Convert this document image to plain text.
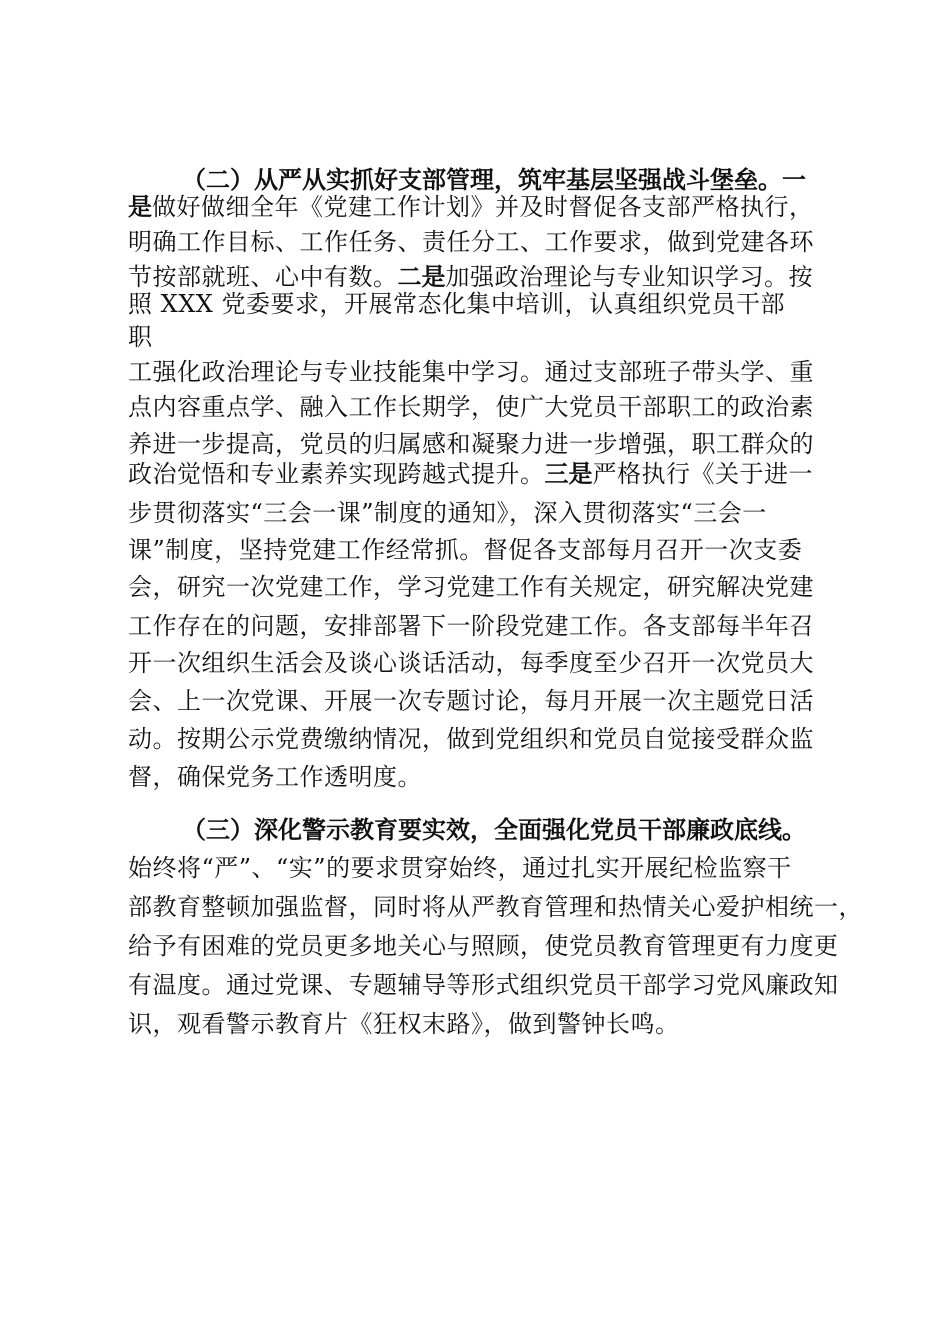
（二）从严从实抓好支部管理，筑牢基层坚强战斗堡垒。一
是做好做细全年《党建工作计划》并及时督促各支部严格执行，
明确工作目标、工作任务、责任分工、工作要求，做到党建各环
节按部就班、心中有数。二是加强政治理论与专业知识学习。按
照 XXX 党委要求，开展常态化集中培训，认真组织党员干部
职
工强化政治理论与专业技能集中学习。通过支部班子带头学、重
点内容重点学、融入工作长期学，使广大党员干部职工的政治素
养进一步提高，党员的归属感和凝聚力进一步增强，职工群众的
政治觉悟和专业素养实现跨越式提升。三是严格执行《关于进一
步贯彻落实“三会一课”制度的通知》，深入贯彻落实“三会一
课”制度，坚持党建工作经常抓。督促各支部每月召开一次支委
会，研究一次党建工作，学习党建工作有关规定，研究解决党建
工作存在的问题，安排部署下一阶段党建工作。各支部每半年召
开一次组织生活会及谈心谈话活动，每季度至少召开一次党员大
会、上一次党课、开展一次专题讨论，每月开展一次主题党日活
动。按期公示党费缴纳情况，做到党组织和党员自觉接受群众监
督，确保党务工作透明度。
（三）深化警示教育要实效，全面强化党员干部廉政底线。
始终将“严”、“实”的要求贯穿始终，通过扎实开展纪检监察干
部教育整顿加强监督，同时将从严教育管理和热情关心爱护相统一，
给予有困难的党员更多地关心与照顾，使党员教育管理更有力度更
有温度。通过党课、专题辅导等形式组织党员干部学习党风廉政知
识，观看警示教育片《狂权末路》，做到警钟长鸣。
